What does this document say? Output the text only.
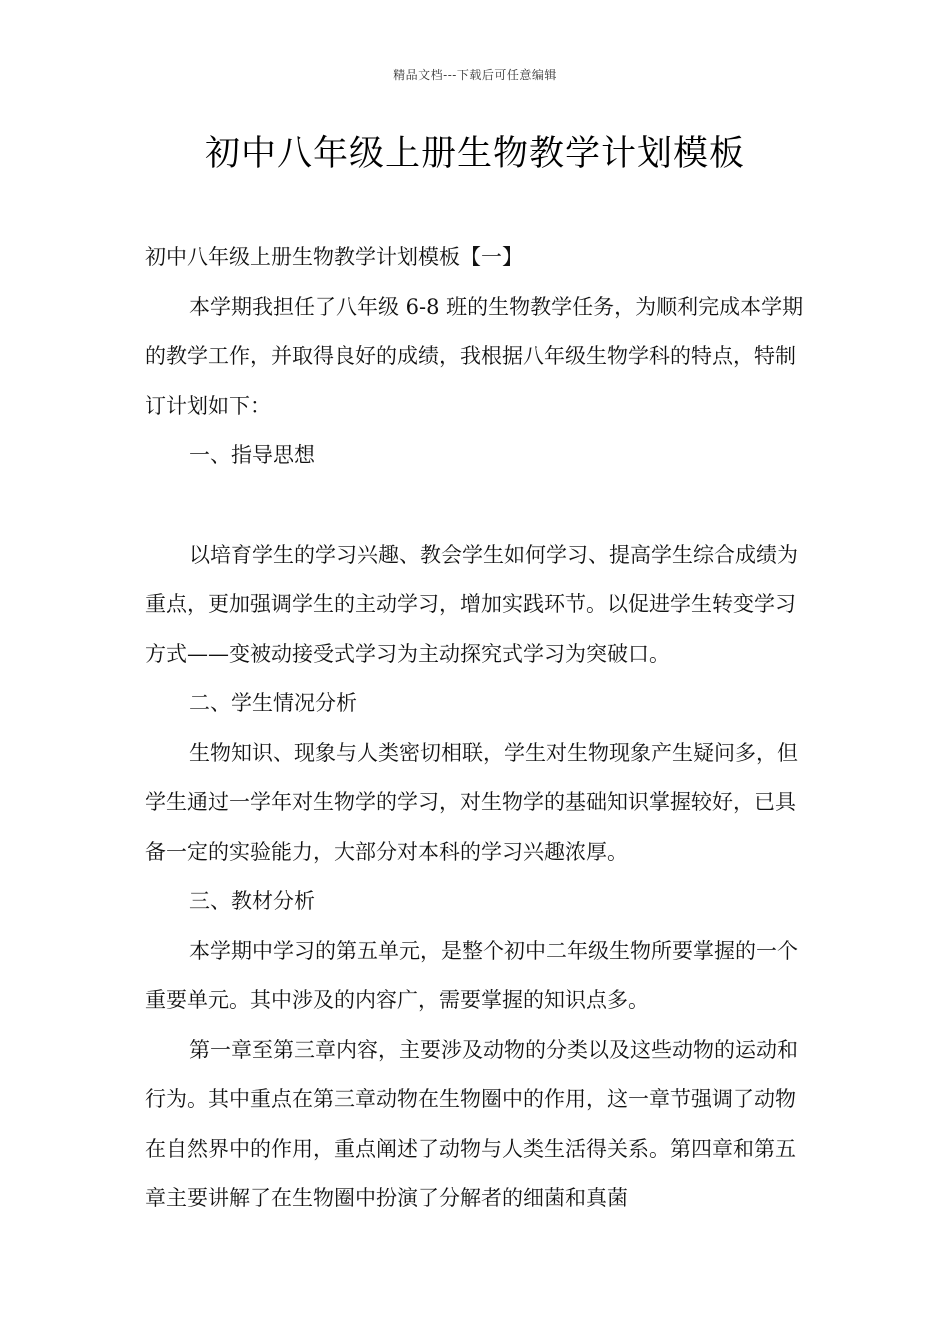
精品文档---下载后可任意编辑
初中八年级上册生物教学计划模板

初中八年级上册生物教学计划模板【一】

本学期我担任了八年级 6-8 班的生物教学任务，为顺利完成本学期的教学工作，并取得良好的成绩，我根据八年级生物学科的特点，特制订计划如下：

一、指导思想

以培育学生的学习兴趣、教会学生如何学习、提高学生综合成绩为重点，更加强调学生的主动学习，增加实践环节。以促进学生转变学习方式——变被动接受式学习为主动探究式学习为突破口。

二、学生情况分析

生物知识、现象与人类密切相联，学生对生物现象产生疑问多，但学生通过一学年对生物学的学习，对生物学的基础知识掌握较好，已具备一定的实验能力，大部分对本科的学习兴趣浓厚。

三、教材分析

本学期中学习的第五单元，是整个初中二年级生物所要掌握的一个重要单元。其中涉及的内容广，需要掌握的知识点多。

第一章至第三章内容，主要涉及动物的分类以及这些动物的运动和行为。其中重点在第三章动物在生物圈中的作用，这一章节强调了动物在自然界中的作用，重点阐述了动物与人类生活得关系。第四章和第五章主要讲解了在生物圈中扮演了分解者的细菌和真菌
